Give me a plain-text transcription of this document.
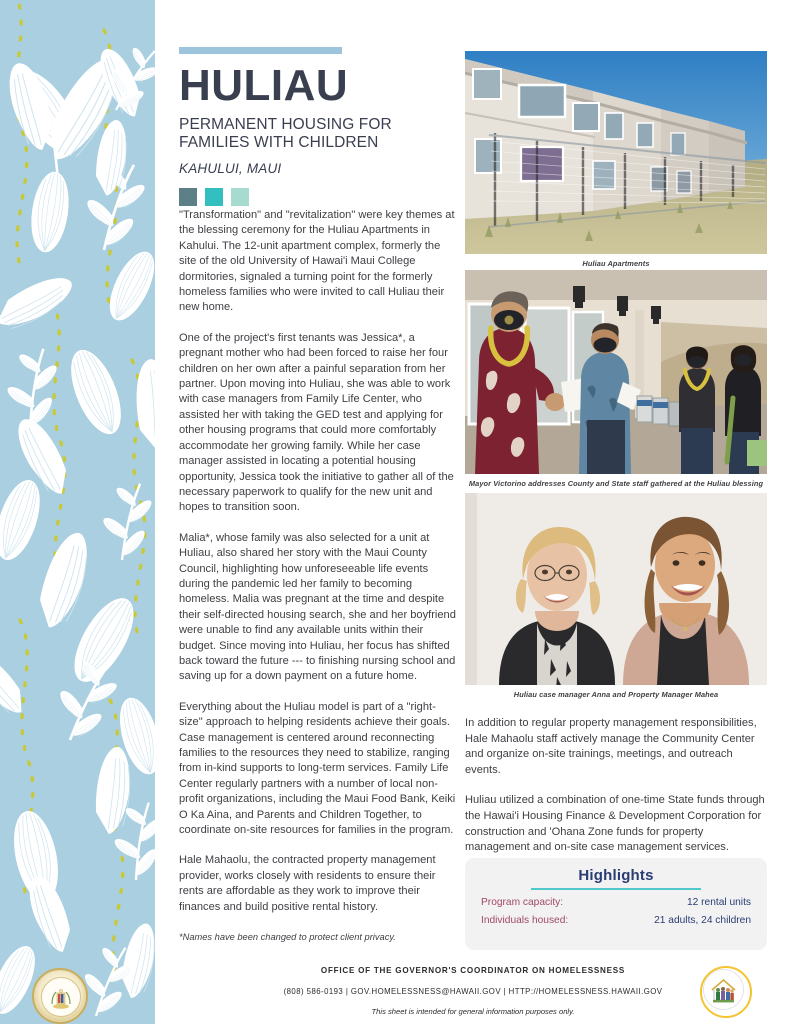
HULIAU
PERMANENT HOUSING FOR
FAMILIES WITH CHILDREN
KAHULUI, MAUI

"Transformation" and "revitalization" were key themes at the blessing ceremony for the Huliau Apartments in Kahului. The 12-unit apartment complex, formerly the site of the old University of Hawai'i Maui College dormitories, signaled a turning point for the formerly homeless families who were invited to call Huliau their new home.

One of the project's first tenants was Jessica*, a pregnant mother who had been forced to raise her four children on her own after a painful separation from her partner. Upon moving into Huliau, she was able to work with case managers from Family Life Center, who assisted her with taking the GED test and applying for other housing programs that could more comfortably accommodate her growing family. While her case manager assisted in locating a potential housing opportunity, Jessica took the initiative to gather all of the necessary paperwork to qualify for the new unit and hopes to transition soon.

Malia*, whose family was also selected for a unit at Huliau, also shared her story with the Maui County Council, highlighting how unforeseeable life events during the pandemic led her family to becoming homeless. Malia was pregnant at the time and despite their self-directed housing search, she and her boyfriend were unable to find any available units within their budget. Since moving into Huliau, her focus has shifted back toward the future --- to finishing nursing school and saving up for a down payment on a future home.

Everything about the Huliau model is part of a "right-size" approach to helping residents achieve their goals. Case management is centered around reconnecting families to the resources they need to stabilize, ranging from in-kind supports to long-term services. Family Life Center regularly partners with a number of local non-profit organizations, including the Maui Food Bank, Keiki O Ka Aina, and Parents and Children Together, to coordinate on-site resources for families in the program.

Hale Mahaolu, the contracted property management provider, works closely with residents to ensure their rents are affordable as they work to improve their finances and build positive rental history.

*Names have been changed to protect client privacy.
Huliau Apartments
Mayor Victorino addresses County and State staff gathered at the Huliau blessing
Huliau case manager Anna and Property Manager Mahea

In addition to regular property management responsibilities, Hale Mahaolu staff actively manage the Community Center and organize on-site trainings, meetings, and outreach events.

Huliau utilized a combination of one-time State funds through the Hawai'i Housing Finance & Development Corporation for construction and 'Ohana Zone funds for property management and on-site case management services.

Highlights
Program capacity:	12 rental units
Individuals housed:	21 adults, 24 children
OFFICE OF THE GOVERNOR'S COORDINATOR ON HOMELESSNESS
(808) 586-0193 | GOV.HOMELESSNESS@HAWAII.GOV | HTTP://HOMELESSNESS.HAWAII.GOV
This sheet is intended for general information purposes only.
